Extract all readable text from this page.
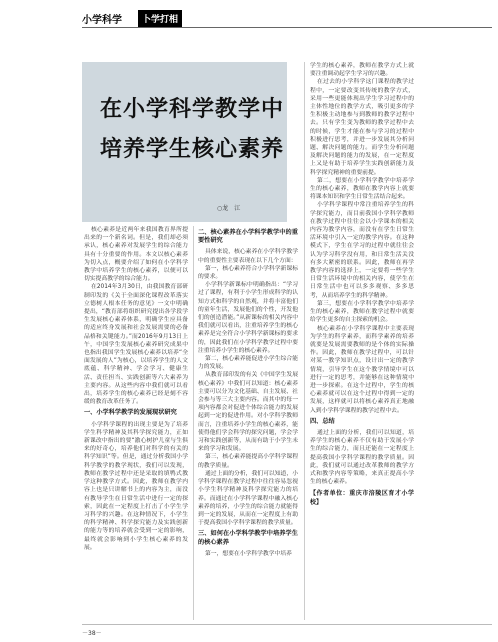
小学科学	卜学打相
在小学科学教学中
培养学生核心素养
○龙　江

核心素养是近两年来我国教育界所提出来的一个新名词。但是，我们却必须承认，核心素养对发展学生的综合能力具有十分重要的作用。本文以核心素养为切入点，概要介绍了如何在小学科学教学中培养学生的核心素养，以便可以切实提高教学的综合能力。

在2014年3月30日，由我国教育部研制印发的《关于全面深化课程改革落实立德树人根本任务的意见》一文中明确提出，“教育部将组织研究提出各学段学生发展核心素养体系，明确学生应具备的适应终身发展和社会发展需要的必备品格和关键能力。”而2016年9月13日上午，中国学生发展核心素养研究成果中也指出我国学生发展核心素养以培养“全面发展的人”为核心，以培养学生的人文底蕴、科学精神、学会学习、健康生活、责任担当、实践创新等六大素养为主要内容。从这些内容中我们就可以看出，培养学生的核心素养已经是刻不容缓的教育改革任务了。

一、小学科学教学的发展现状研究

小学科学课程的出现主要是为了培养学生科学精神及其科学探究能力，正如新课改中指出的要“激心树护儿童与生俱来的好奇心，培养他们对科学的有关的科学知识”等。但是，通过分析我国小学科学教学的教学现状，我们可以发现，教师在教学过程中还是采取的填鸭式教学这种教学方式。因此，教师在教学内容上也是只讲解书上的内容为主，而没有教导学生在日常生活中进行一定的探索，因此在一定程度上打击了小学生学习科学的兴趣。在这种情况下，小学生的科学精神、科学探究能力及实践创新的能力等的培养就会受到一定的影响，最终就会影响到小学生核心素养的发展。

二、核心素养在小学科学教学中的重要性研究

具体来说，核心素养在小学科学教学中的重要性主要表现在以下几个方面：

第一，核心素养符合小学科学新课标的要求。

小学科学新课标中明确指出：“学习过了课程，有利于小学生形成科学的认知方式和科学的自然观，并将丰富他们的童年生活，发展他们的个性，开发他们的创造潜能。”从新课标的相关内容中我们就可以看出，注重培养学生的核心素养是完全符合小学科学新课标的要求的，因此我们在小学科学教学过程中要注重培养小学生的核心素养。

第二，核心素养能促进小学生综合能力的发展。

从教育部印发的有关《中国学生发展核心素养》中我们可以知道：核心素养主要可以分为文化基础、自主发展、社会参与等三大主要内容。而其中的每一项内容都会对促进个体综合能力的发展起到一定的促进作用。对小学科学教师而言，注重培养小学生的核心素养，能使得他们学会科学的探究问题，学会学习和实践创新等，从而有助于小学生未来的学习和发展。

第三，核心素养能提高小学科学课程的教学质量。

通过上面的分析，我们可以知道，小学科学课程在教学过程中往往容易忽视小学生科学精神及科学探究能力的培养。而通过在小学科学课程中融入核心素养的培养，小学生的综合能力就能得到一定的发展，从而在一定程度上有助于提高我国小学科学课程的教学质量。

三、如何在小学科学教学中培养学生的核心素养

第一，想要在小学科学教学中培养

学生的核心素养，教师在教学方式上就要注重调动起学生学习的兴趣。

在过去的小学科学这门课程的教学过程中，一定要改变其传统的教学方式，采用一些更能体现出学生学习过程中的主体性地位的教学方式，吸引更多的学生积极主动地参与到教师的教学过程中去。只有学生变为教师的教学过程中去的时候，学生才能在参与学习的过程中积极进行思考，并进一步发展其分析问题、解决问题的能力。而学生分析问题及解决问题的能力的发展，在一定程度上又是有助于培养学生实践创新能力及科学探究精神的重要前提。

第二，想要在小学科学教学中培养学生的核心素养，教师在教学内容上就要将课本知识和学生日常生活结合起来。

小学科学课程中常注重培养学生的科学探究能力，而目前我国小学科学教师在教学过程中往往会以小学课本的相关内容为教学内容，而没有在学生日常生活环境中引入一定的教学内容。在这种模式下，学生在学习的过程中就往往会认为学习科学没有用，和日常生活关没有多大紧密的联系。因此，教师在再学教学内容的选择上，一定要将一些学生日常生活环境中的相关内容，使学生在日常生活中也可以多多观察、多多思考，从而培养学生的科学精神。

第三，想要在小学科学教学中培养学生的核心素养，教师在教学过程中就要给学生更多的自主探索的机会。

核心素养在小学科学课程中主要表现为学生的科学素养，而科学素养的培养就要是发展需要教师的是个体的实际操作。因此，教师在教学过程中，可以针对某一教学知识点，设计出一定的教学情境，引导学生在这个教学情境中可以进行一定的思考，并能够在这种情境中进一步探索。在这个过程中，学生的核心素养就可以在这个过程中得到一定的发展，这样就可以将核心素养真正地融入到小学科学课程的教学过程中去。

四、总结

通过上面的分析，我们可以知道，培养学生的核心素养不仅有助于发展小学生的综合能力，而且还能在一定程度上提高我国小学科学课程的教学质量。因此，我们就可以通过改革教师的教学方式和教学内容等策略，来真正提高小学生的核心素养。

【作者单位：重庆市涪陵区育才小学校】
－38－
